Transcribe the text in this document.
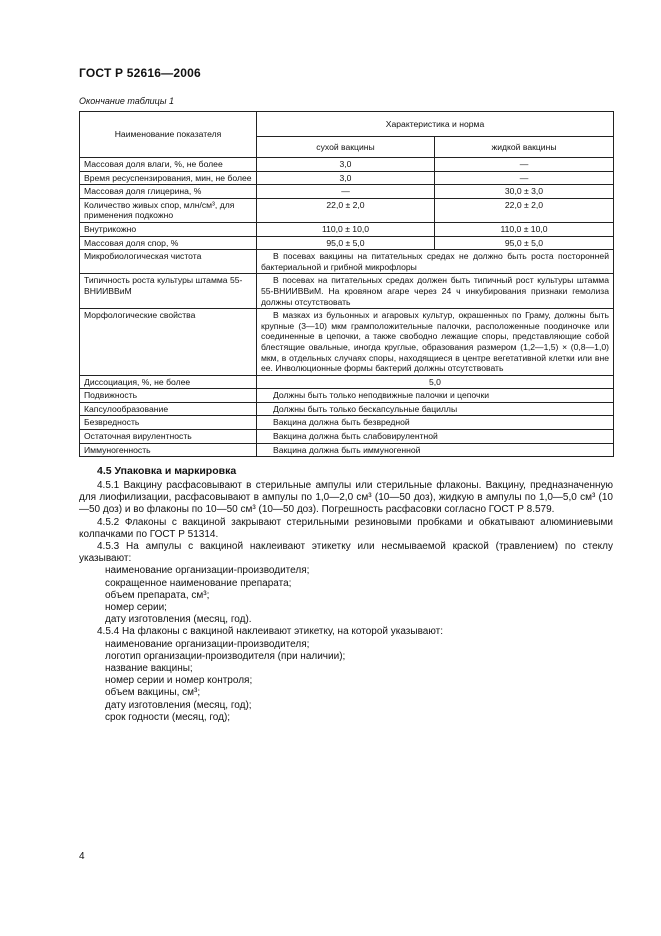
ГОСТ Р 52616—2006
Окончание таблицы 1
Наименование показателя	Характеристика и норма	
	сухой вакцины	жидкой вакцины
Массовая доля влаги, %, не более	3,0	—
Время ресуспензирования, мин, не более	3,0	—
Массовая доля глицерина, %	—	30,0 ± 3,0
Количество живых спор, млн/см³, для применения подкожно	22,0 ± 2,0	22,0 ± 2,0
Внутрикожно	110,0 ± 10,0	110,0 ± 10,0
Массовая доля спор, %	95,0 ± 5,0	95,0 ± 5,0
Микробиологическая чистота	В посевах вакцины на питательных средах не должно быть роста посторонней бактериальной и грибной микрофлоры	
Типичность роста культуры штамма 55-ВНИИВВиМ	В посевах на питательных средах должен быть типичный рост культуры штамма 55-ВНИИВВиМ. На кровяном агаре через 24 ч инкубирования признаки гемолиза должны отсутствовать	
Морфологические свойства	В мазках из бульонных и агаровых культур, окрашенных по Граму, должны быть крупные (3—10) мкм грамположительные палочки, расположенные поодиночке или соединенные в цепочки, а также свободно лежащие споры, представляющие собой блестящие овальные, иногда круглые, образования размером (1,2—1,5) × (0,8—1,0) мкм, в отдельных случаях споры, находящиеся в центре вегетативной клетки или вне ее. Инволюционные формы бактерий должны отсутствовать	
Диссоциация, %, не более	5,0	
Подвижность	Должны быть только неподвижные палочки и цепочки	
Капсулообразование	Должны быть только бескапсульные бациллы	
Безвредность	Вакцина должна быть безвредной	
Остаточная вирулентность	Вакцина должна быть слабовирулентной	
Иммуногенность	Вакцина должна быть иммуногенной	
4.5 Упаковка и маркировка

4.5.1 Вакцину расфасовывают в стерильные ампулы или стерильные флаконы. Вакцину, предназначенную для лиофилизации, расфасовывают в ампулы по 1,0—2,0 см³ (10—50 доз), жидкую в ампулы по 1,0—5,0 см³ (10—50 доз) и во флаконы по 10—50 см³ (10—50 доз). Погрешность расфасовки согласно ГОСТ Р 8.579.

4.5.2 Флаконы с вакциной закрывают стерильными резиновыми пробками и обкатывают алюминиевыми колпачками по ГОСТ Р 51314.

4.5.3 На ампулы с вакциной наклеивают этикетку или несмываемой краской (травлением) по стеклу указывают:

наименование организации-производителя;

сокращенное наименование препарата;

объем препарата, см³;

номер серии;

дату изготовления (месяц, год).

4.5.4 На флаконы с вакциной наклеивают этикетку, на которой указывают:

наименование организации-производителя;

логотип организации-производителя (при наличии);

название вакцины;

номер серии и номер контроля;

объем вакцины, см³;

дату изготовления (месяц, год);

срок годности (месяц, год);

4
